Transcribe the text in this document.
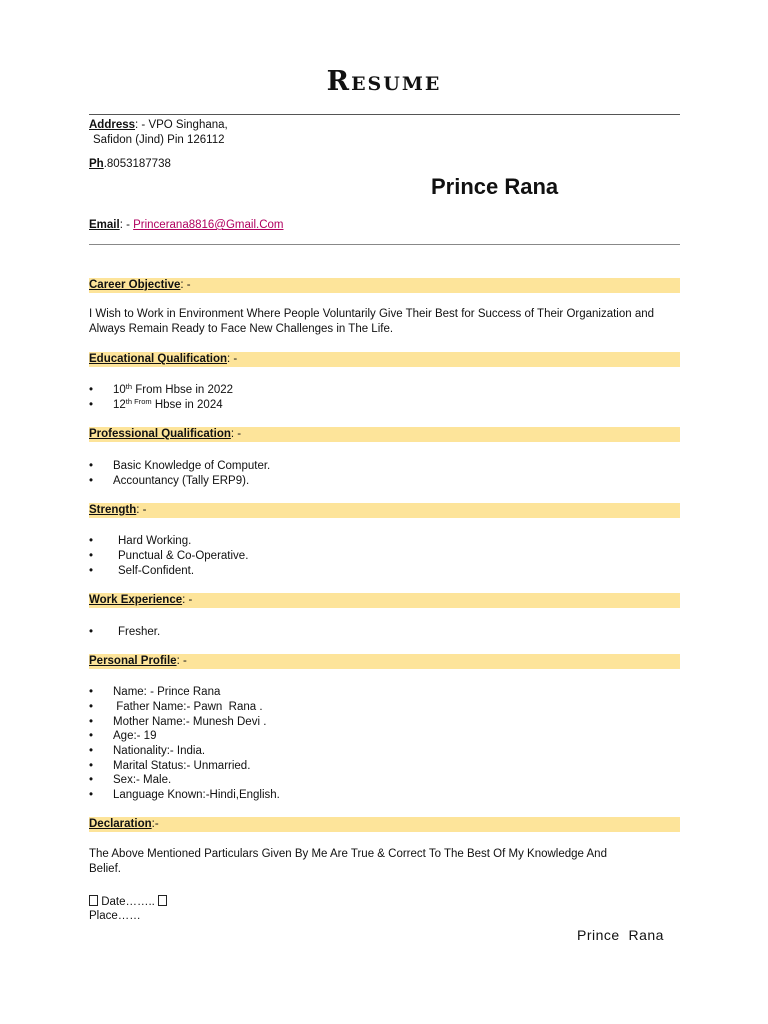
Resume
Address: - VPO Singhana,
Safidon (Jind) Pin 126112
Ph.8053187738
Prince Rana
Email: - Princerana8816@Gmail.Com
Career Objective: -
I Wish to Work in Environment Where People Voluntarily Give Their Best for Success of Their Organization and Always Remain Ready to Face New Challenges in The Life.
Educational Qualification: -
• 10th From Hbse in 2022
• $12^{th From}$ Hbse in 2024
Professional Qualification: -
• Basic Knowledge of Computer.
• Accountancy (Tally ERP9).
Strength: -
• Hard Working.
• Punctual & Co-Operative.
• Self-Confident.
Work Experience: -
• Fresher.
Personal Profile: -
• Name: - Prince Rana
• Father Name:- Pawn  Rana .
• Mother Name:- Munesh Devi .
• Age:- 19
• Nationality:- India.
• Marital Status:- Unmarried.
• Sex:- Male.
• Language Known:-Hindi,English.
Declaration:-
The Above Mentioned Particulars Given By Me Are True & Correct To The Best Of My Knowledge And Belief.
Date……..
Place……
Prince  Rana
